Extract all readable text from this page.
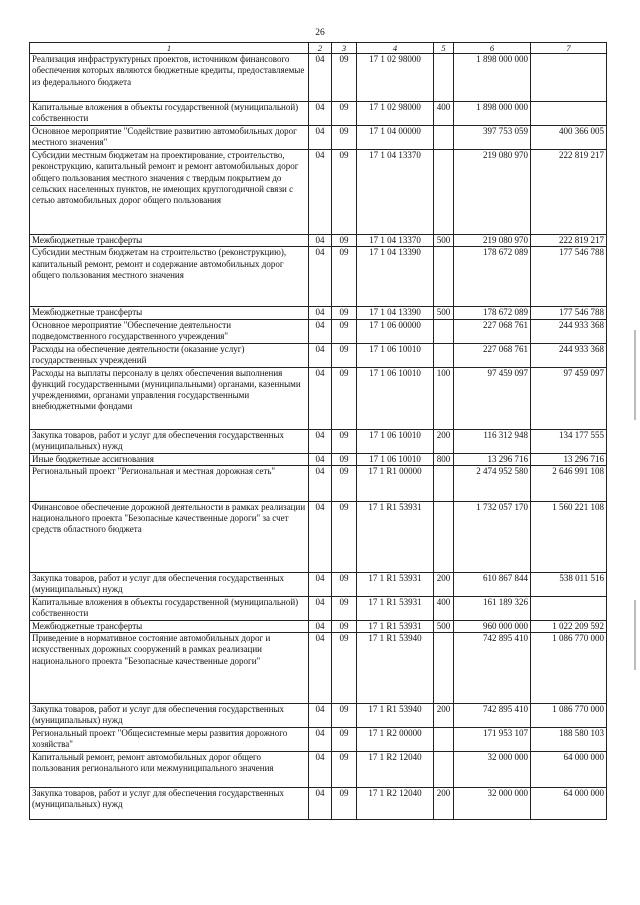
26
1	2	3	4	5	6	7
Реализация инфраструктурных проектов, источником финансового обеспечения которых являются бюджетные кредиты, предоставляемые из федерального бюджета	04	09	17 1 02 98000		1 898 000 000	
Капитальные вложения в объекты государственной (муниципальной) собственности	04	09	17 1 02 98000	400	1 898 000 000	
Основное мероприятие "Содействие развитию автомобильных дорог местного значения"	04	09	17 1 04 00000		397 753 059	400 366 005
Субсидии местным бюджетам на проектирование, строительство, реконструкцию, капитальный ремонт и ремонт автомобильных дорог общего пользования местного значения с твердым покрытием до сельских населенных пунктов, не имеющих круглогодичной связи с сетью автомобильных дорог общего пользования	04	09	17 1 04 13370		219 080 970	222 819 217
Межбюджетные трансферты	04	09	17 1 04 13370	500	219 080 970	222 819 217
Субсидии местным бюджетам на строительство (реконструкцию), капитальный ремонт, ремонт и содержание автомобильных дорог общего пользования местного значения	04	09	17 1 04 13390		178 672 089	177 546 788
Межбюджетные трансферты	04	09	17 1 04 13390	500	178 672 089	177 546 788
Основное мероприятие "Обеспечение деятельности подведомственного государственного учреждения"	04	09	17 1 06 00000		227 068 761	244 933 368
Расходы на обеспечение деятельности (оказание услуг) государственных учреждений	04	09	17 1 06 10010		227 068 761	244 933 368
Расходы на выплаты персоналу в целях обеспечения выполнения функций государственными (муниципальными) органами, казенными учреждениями, органами управления государственными внебюджетными фондами	04	09	17 1 06 10010	100	97 459 097	97 459 097
Закупка товаров, работ и услуг для обеспечения государственных (муниципальных) нужд	04	09	17 1 06 10010	200	116 312 948	134 177 555
Иные бюджетные ассигнования	04	09	17 1 06 10010	800	13 296 716	13 296 716
Региональный проект "Региональная и местная дорожная сеть"	04	09	17 1 R1 00000		2 474 952 580	2 646 991 108
Финансовое обеспечение дорожной деятельности в рамках реализации национального проекта "Безопасные качественные дороги" за счет средств областного бюджета	04	09	17 1 R1 53931		1 732 057 170	1 560 221 108
Закупка товаров, работ и услуг для обеспечения государственных (муниципальных) нужд	04	09	17 1 R1 53931	200	610 867 844	538 011 516
Капитальные вложения в объекты государственной (муниципальной) собственности	04	09	17 1 R1 53931	400	161 189 326	
Межбюджетные трансферты	04	09	17 1 R1 53931	500	960 000 000	1 022 209 592
Приведение в нормативное состояние автомобильных дорог и искусственных дорожных сооружений в рамках реализации национального проекта "Безопасные качественные дороги"	04	09	17 1 R1 53940		742 895 410	1 086 770 000
Закупка товаров, работ и услуг для обеспечения государственных (муниципальных) нужд	04	09	17 1 R1 53940	200	742 895 410	1 086 770 000
Региональный проект "Общесистемные меры развития дорожного хозяйства"	04	09	17 1 R2 00000		171 953 107	188 580 103
Капитальный ремонт, ремонт автомобильных дорог общего пользования регионального или межмуниципального значения	04	09	17 1 R2 12040		32 000 000	64 000 000
Закупка товаров, работ и услуг для обеспечения государственных (муниципальных) нужд	04	09	17 1 R2 12040	200	32 000 000	64 000 000
